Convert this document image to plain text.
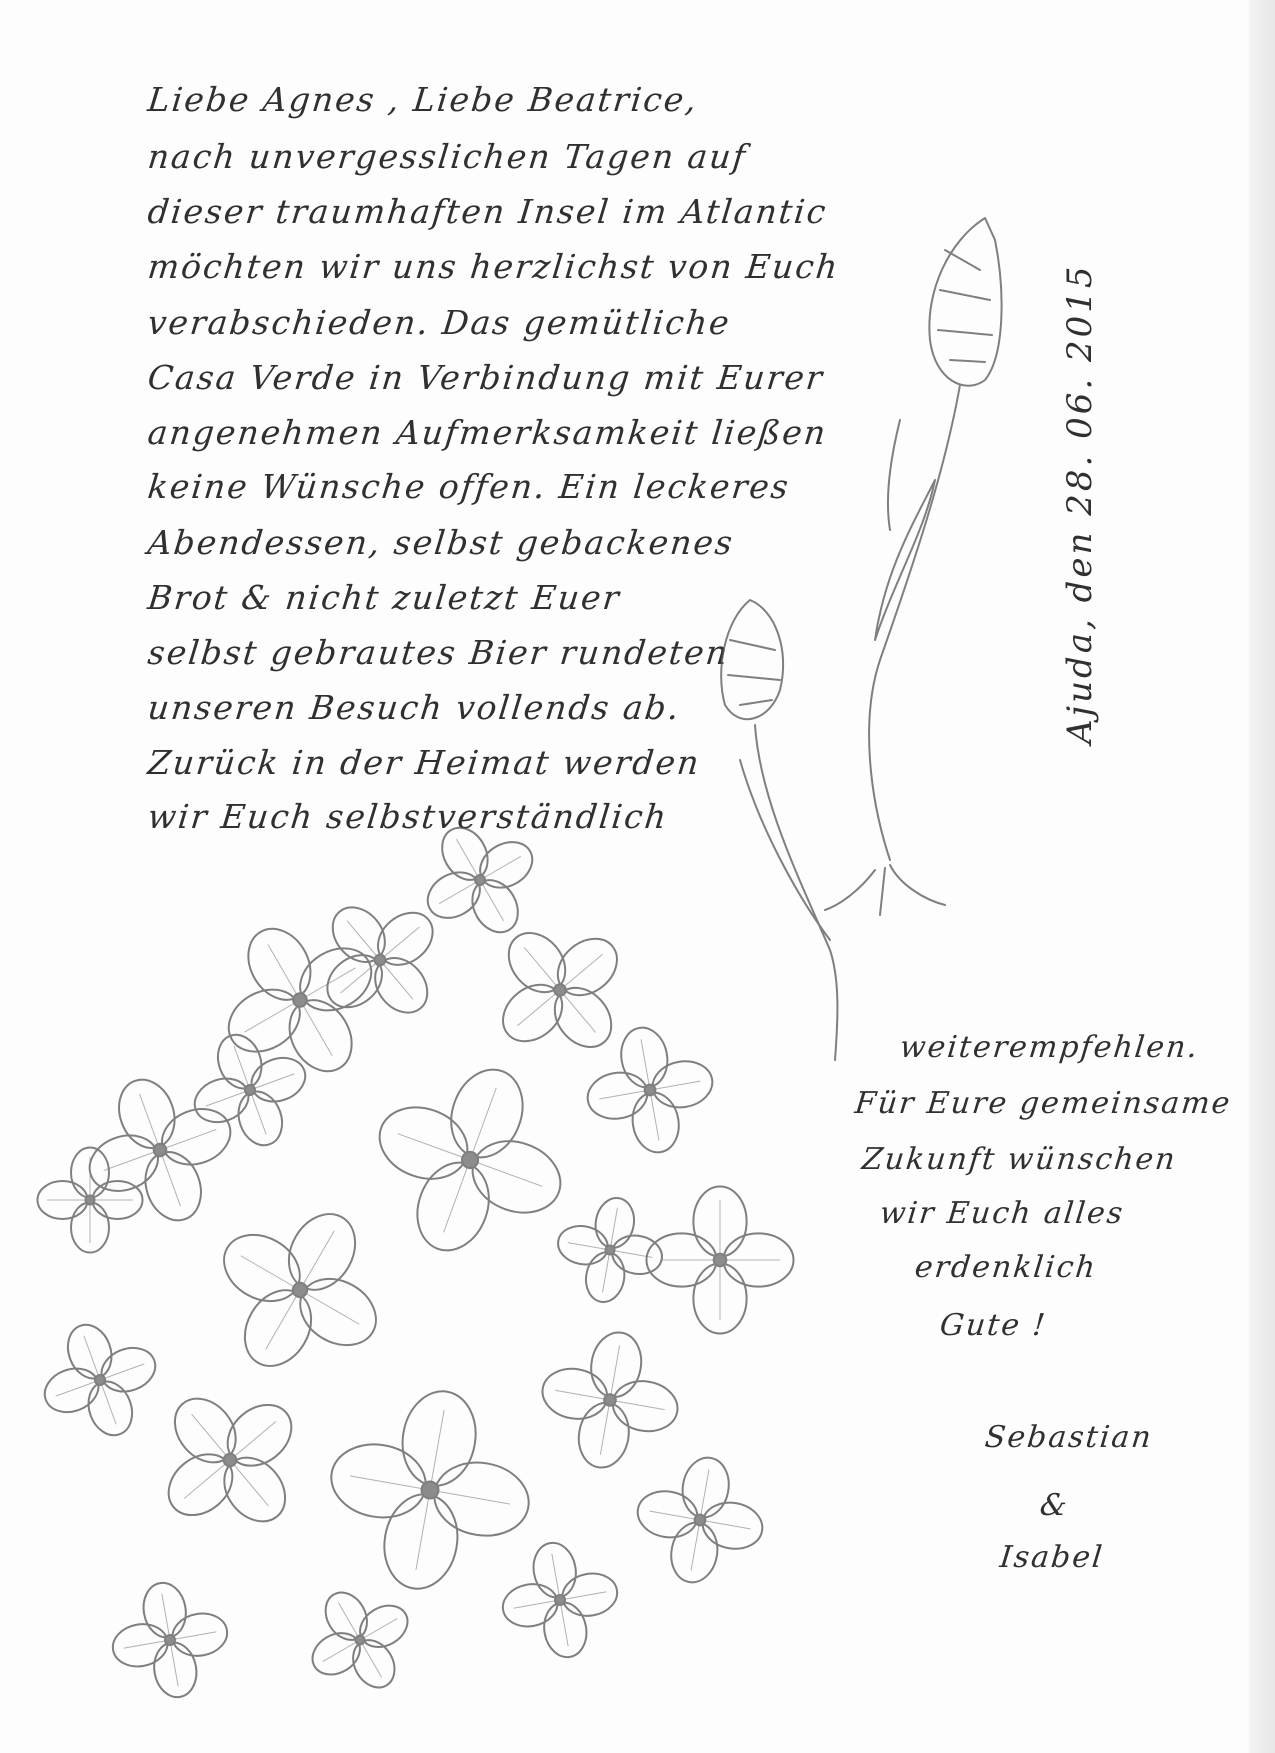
Liebe Agnes , Liebe Beatrice,
nach unvergesslichen Tagen auf
dieser traumhaften Insel im Atlantic
möchten wir uns herzlichst von Euch
verabschieden. Das gemütliche
Casa Verde in Verbindung mit Eurer
angenehmen Aufmerksamkeit ließen
keine Wünsche offen. Ein leckeres
Abendessen, selbst gebackenes
Brot & nicht zuletzt Euer
selbst gebrautes Bier rundeten
unseren Besuch vollends ab.
Zurück in der Heimat werden
wir Euch selbstverständlich
weiterempfehlen.
Für Eure gemeinsame
Zukunft wünschen
wir Euch alles
erdenklich
Gute !
Sebastian
&
Isabel
Ajuda, den 28. 06. 2015
